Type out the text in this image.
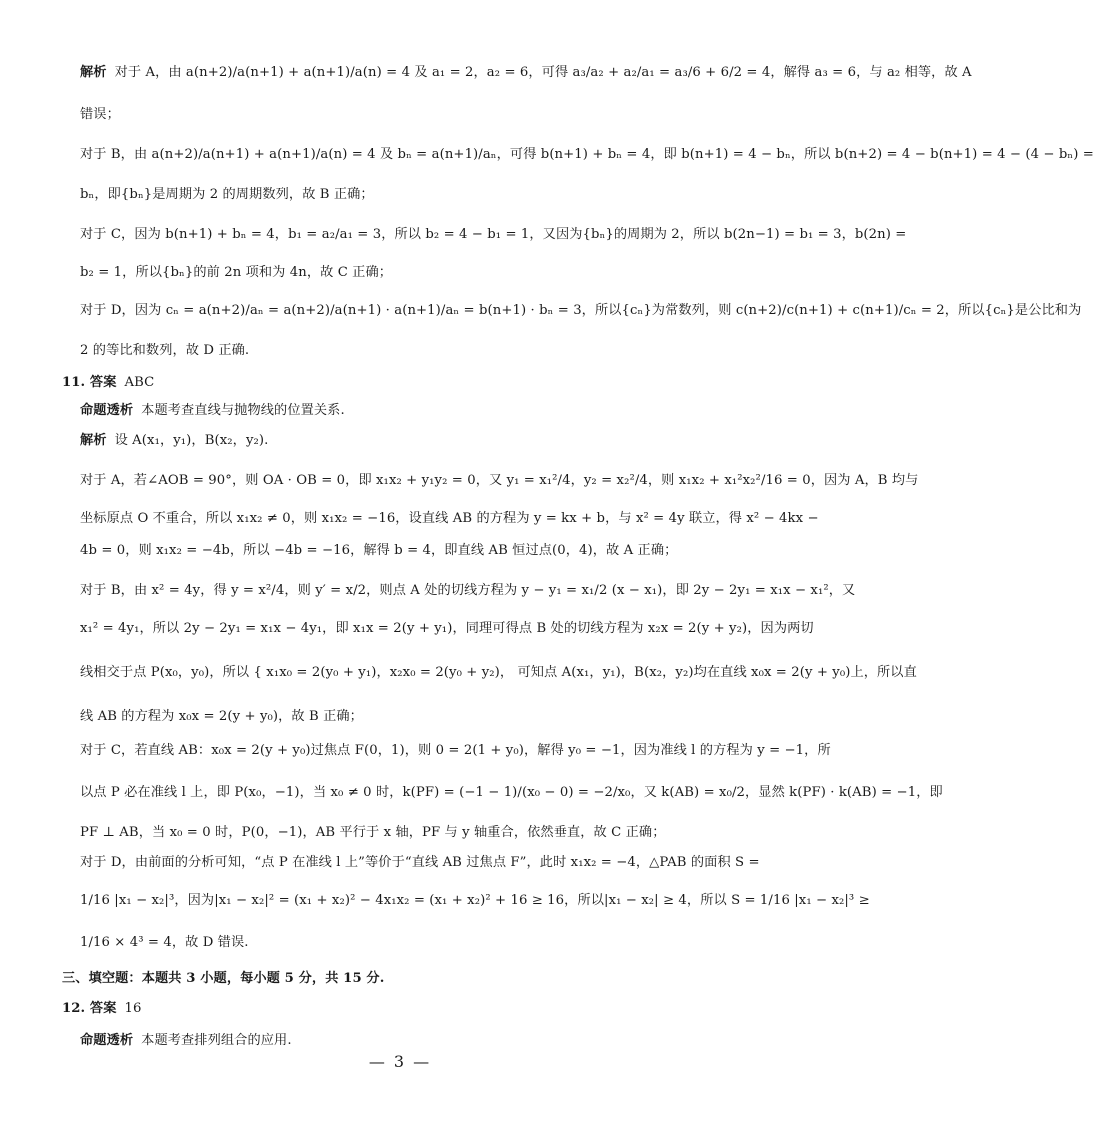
解析 对于 A，由 a(n+2)/a(n+1) + a(n+1)/a(n) = 4 及 a₁ = 2，a₂ = 6，可得 a₃/a₂ + a₂/a₁ = a₃/6 + 6/2 = 4，解得 a₃ = 6，与 a₂ 相等，故 A
错误；
对于 B，由 a(n+2)/a(n+1) + a(n+1)/a(n) = 4 及 bₙ = a(n+1)/aₙ，可得 b(n+1) + bₙ = 4，即 b(n+1) = 4 − bₙ，所以 b(n+2) = 4 − b(n+1) = 4 − (4 − bₙ) =
bₙ，即{bₙ}是周期为 2 的周期数列，故 B 正确；
对于 C，因为 b(n+1) + bₙ = 4，b₁ = a₂/a₁ = 3，所以 b₂ = 4 − b₁ = 1，又因为{bₙ}的周期为 2，所以 b(2n−1) = b₁ = 3，b(2n) =
b₂ = 1，所以{bₙ}的前 2n 项和为 4n，故 C 正确；
对于 D，因为 cₙ = a(n+2)/aₙ = a(n+2)/a(n+1) · a(n+1)/aₙ = b(n+1) · bₙ = 3，所以{cₙ}为常数列，则 c(n+2)/c(n+1) + c(n+1)/cₙ = 2，所以{cₙ}是公比和为
2 的等比和数列，故 D 正确.
11. 答案 ABC
命题透析 本题考查直线与抛物线的位置关系.
解析 设 A(x₁，y₁)，B(x₂，y₂).
对于 A，若∠AOB = 90°，则 OA · OB = 0，即 x₁x₂ + y₁y₂ = 0，又 y₁ = x₁²/4，y₂ = x₂²/4，则 x₁x₂ + x₁²x₂²/16 = 0，因为 A，B 均与
坐标原点 O 不重合，所以 x₁x₂ ≠ 0，则 x₁x₂ = −16，设直线 AB 的方程为 y = kx + b，与 x² = 4y 联立，得 x² − 4kx −
4b = 0，则 x₁x₂ = −4b，所以 −4b = −16，解得 b = 4，即直线 AB 恒过点(0，4)，故 A 正确；
对于 B，由 x² = 4y，得 y = x²/4，则 y′ = x/2，则点 A 处的切线方程为 y − y₁ = x₁/2 (x − x₁)，即 2y − 2y₁ = x₁x − x₁²，又
x₁² = 4y₁，所以 2y − 2y₁ = x₁x − 4y₁，即 x₁x = 2(y + y₁)，同理可得点 B 处的切线方程为 x₂x = 2(y + y₂)，因为两切
线相交于点 P(x₀，y₀)，所以 { x₁x₀ = 2(y₀ + y₁)，x₂x₀ = 2(y₀ + y₂)， 可知点 A(x₁，y₁)，B(x₂，y₂)均在直线 x₀x = 2(y + y₀)上，所以直
线 AB 的方程为 x₀x = 2(y + y₀)，故 B 正确；
对于 C，若直线 AB：x₀x = 2(y + y₀)过焦点 F(0，1)，则 0 = 2(1 + y₀)，解得 y₀ = −1，因为准线 l 的方程为 y = −1，所
以点 P 必在准线 l 上，即 P(x₀，−1)，当 x₀ ≠ 0 时，k(PF) = (−1 − 1)/(x₀ − 0) = −2/x₀，又 k(AB) = x₀/2，显然 k(PF) · k(AB) = −1，即
PF ⊥ AB，当 x₀ = 0 时，P(0，−1)，AB 平行于 x 轴，PF 与 y 轴重合，依然垂直，故 C 正确；
对于 D，由前面的分析可知，“点 P 在准线 l 上”等价于“直线 AB 过焦点 F”，此时 x₁x₂ = −4，△PAB 的面积 S =
1/16 |x₁ − x₂|³，因为|x₁ − x₂|² = (x₁ + x₂)² − 4x₁x₂ = (x₁ + x₂)² + 16 ≥ 16，所以|x₁ − x₂| ≥ 4，所以 S = 1/16 |x₁ − x₂|³ ≥
1/16 × 4³ = 4，故 D 错误.
三、填空题：本题共 3 小题，每小题 5 分，共 15 分.
12. 答案 16
命题透析 本题考查排列组合的应用.
— 3 —
